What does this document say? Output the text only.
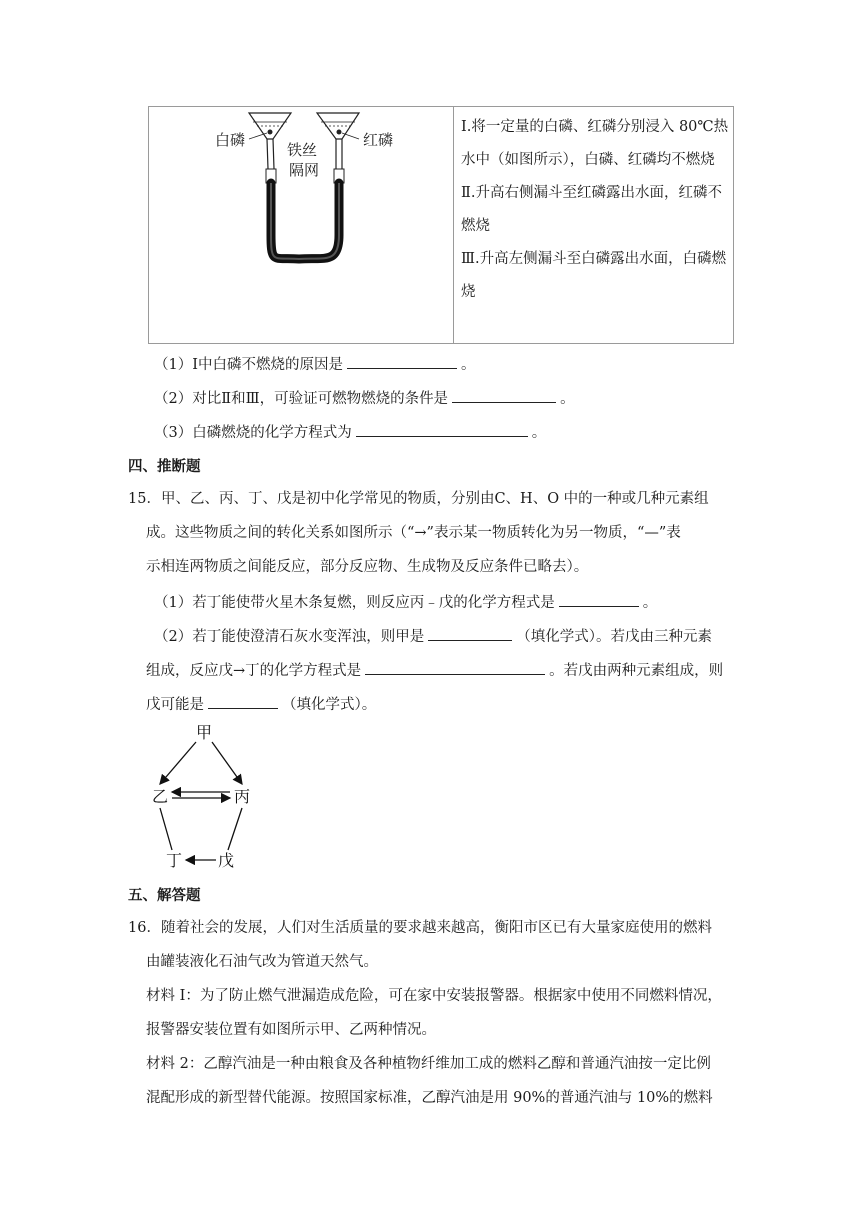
白磷	红磷
铁丝
隔网

Ⅰ.将一定量的白磷、红磷分别浸入 80℃热水中（如图所示），白磷、红磷均不燃烧

Ⅱ.升高右侧漏斗至红磷露出水面，红磷不燃烧

Ⅲ.升高左侧漏斗至白磷露出水面，白磷燃烧

（1）Ⅰ中白磷不燃烧的原因是	。
（2）对比Ⅱ和Ⅲ，可验证可燃物燃烧的条件是	。
（3）白磷燃烧的化学方程式为	。
四、推断题
15．甲、乙、丙、丁、戊是初中化学常见的物质，分别由C、H、O 中的一种或几种元素组
成。这些物质之间的转化关系如图所示（“→”表示某一物质转化为另一物质，“—”表
示相连两物质之间能反应，部分反应物、生成物及反应条件已略去）。
（1）若丁能使带火星木条复燃，则反应丙﹣戊的化学方程式是	。
（2）若丁能使澄清石灰水变浑浊，则甲是	（填化学式）。若戊由三种元素
组成，反应戊→丁的化学方程式是	。若戊由两种元素组成，则
戊可能是	（填化学式）。
甲
乙	丙
丁 戊
五、解答题
16．随着社会的发展，人们对生活质量的要求越来越高，衡阳市区已有大量家庭使用的燃料
由罐装液化石油气改为管道天然气。
材料 I：为了防止燃气泄漏造成危险，可在家中安装报警器。根据家中使用不同燃料情况，
报警器安装位置有如图所示甲、乙两种情况。
材料 2：乙醇汽油是一种由粮食及各种植物纤维加工成的燃料乙醇和普通汽油按一定比例
混配形成的新型替代能源。按照国家标准，乙醇汽油是用 90%的普通汽油与 10%的燃料
